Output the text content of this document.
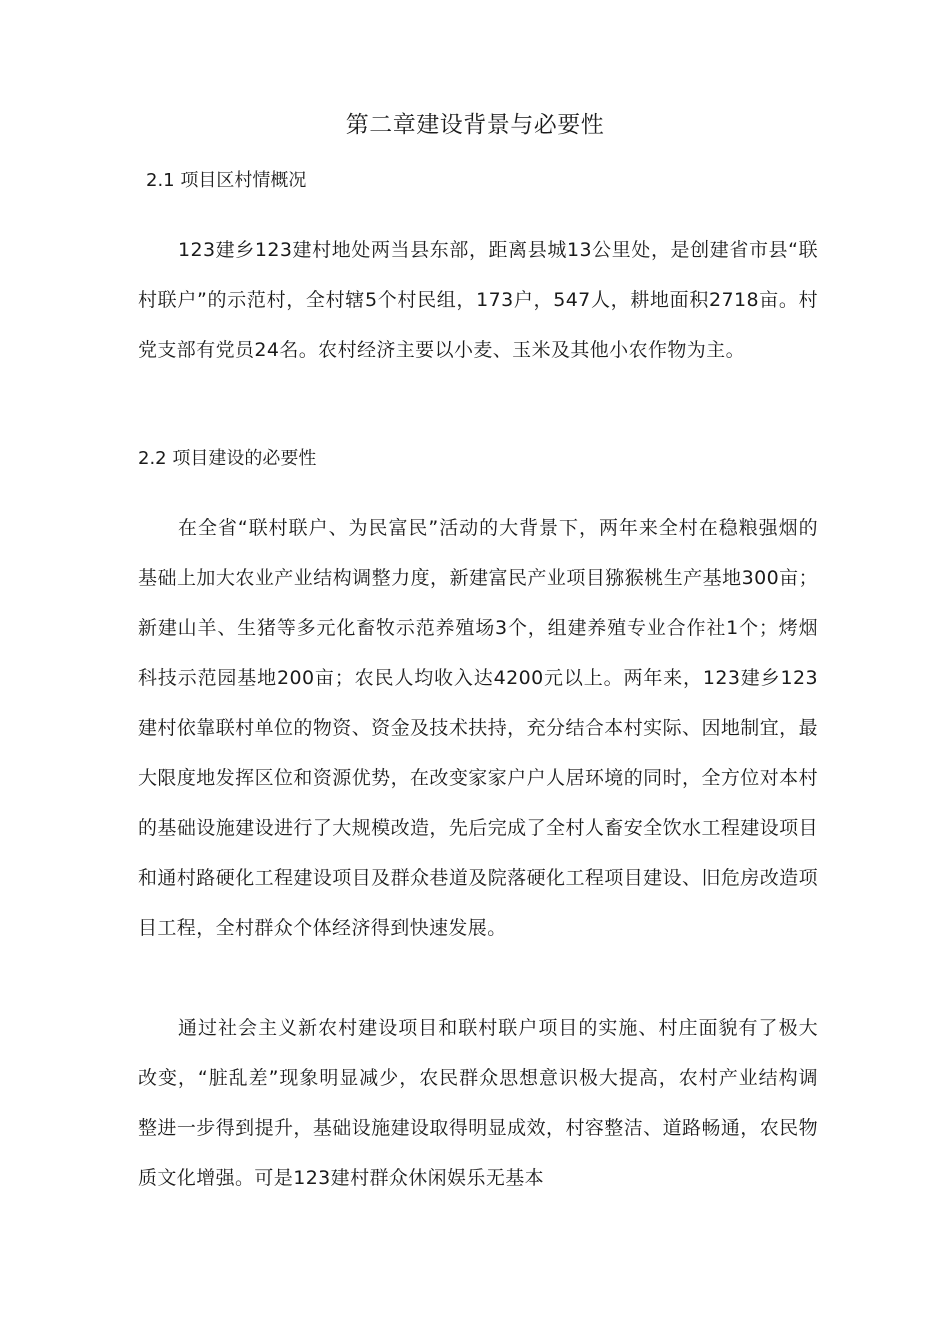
第二章建设背景与必要性
2.1 项目区村情概况

123建乡123建村地处两当县东部，距离县城13公里处，是创建省市县“联村联户”的示范村，全村辖5个村民组，173户，547人，耕地面积2718亩。村党支部有党员24名。农村经济主要以小麦、玉米及其他小农作物为主。

2.2 项目建设的必要性

在全省“联村联户、为民富民”活动的大背景下，两年来全村在稳粮强烟的基础上加大农业产业结构调整力度，新建富民产业项目猕猴桃生产基地300亩；新建山羊、生猪等多元化畜牧示范养殖场3个，组建养殖专业合作社1个；烤烟科技示范园基地200亩；农民人均收入达4200元以上。两年来，123建乡123建村依靠联村单位的物资、资金及技术扶持，充分结合本村实际、因地制宜，最大限度地发挥区位和资源优势，在改变家家户户人居环境的同时，全方位对本村的基础设施建设进行了大规模改造，先后完成了全村人畜安全饮水工程建设项目和通村路硬化工程建设项目及群众巷道及院落硬化工程项目建设、旧危房改造项目工程，全村群众个体经济得到快速发展。

通过社会主义新农村建设项目和联村联户项目的实施、村庄面貌有了极大改变，“脏乱差”现象明显减少，农民群众思想意识极大提高，农村产业结构调整进一步得到提升，基础设施建设取得明显成效，村容整洁、道路畅通，农民物质文化增强。可是123建村群众休闲娱乐无基本
